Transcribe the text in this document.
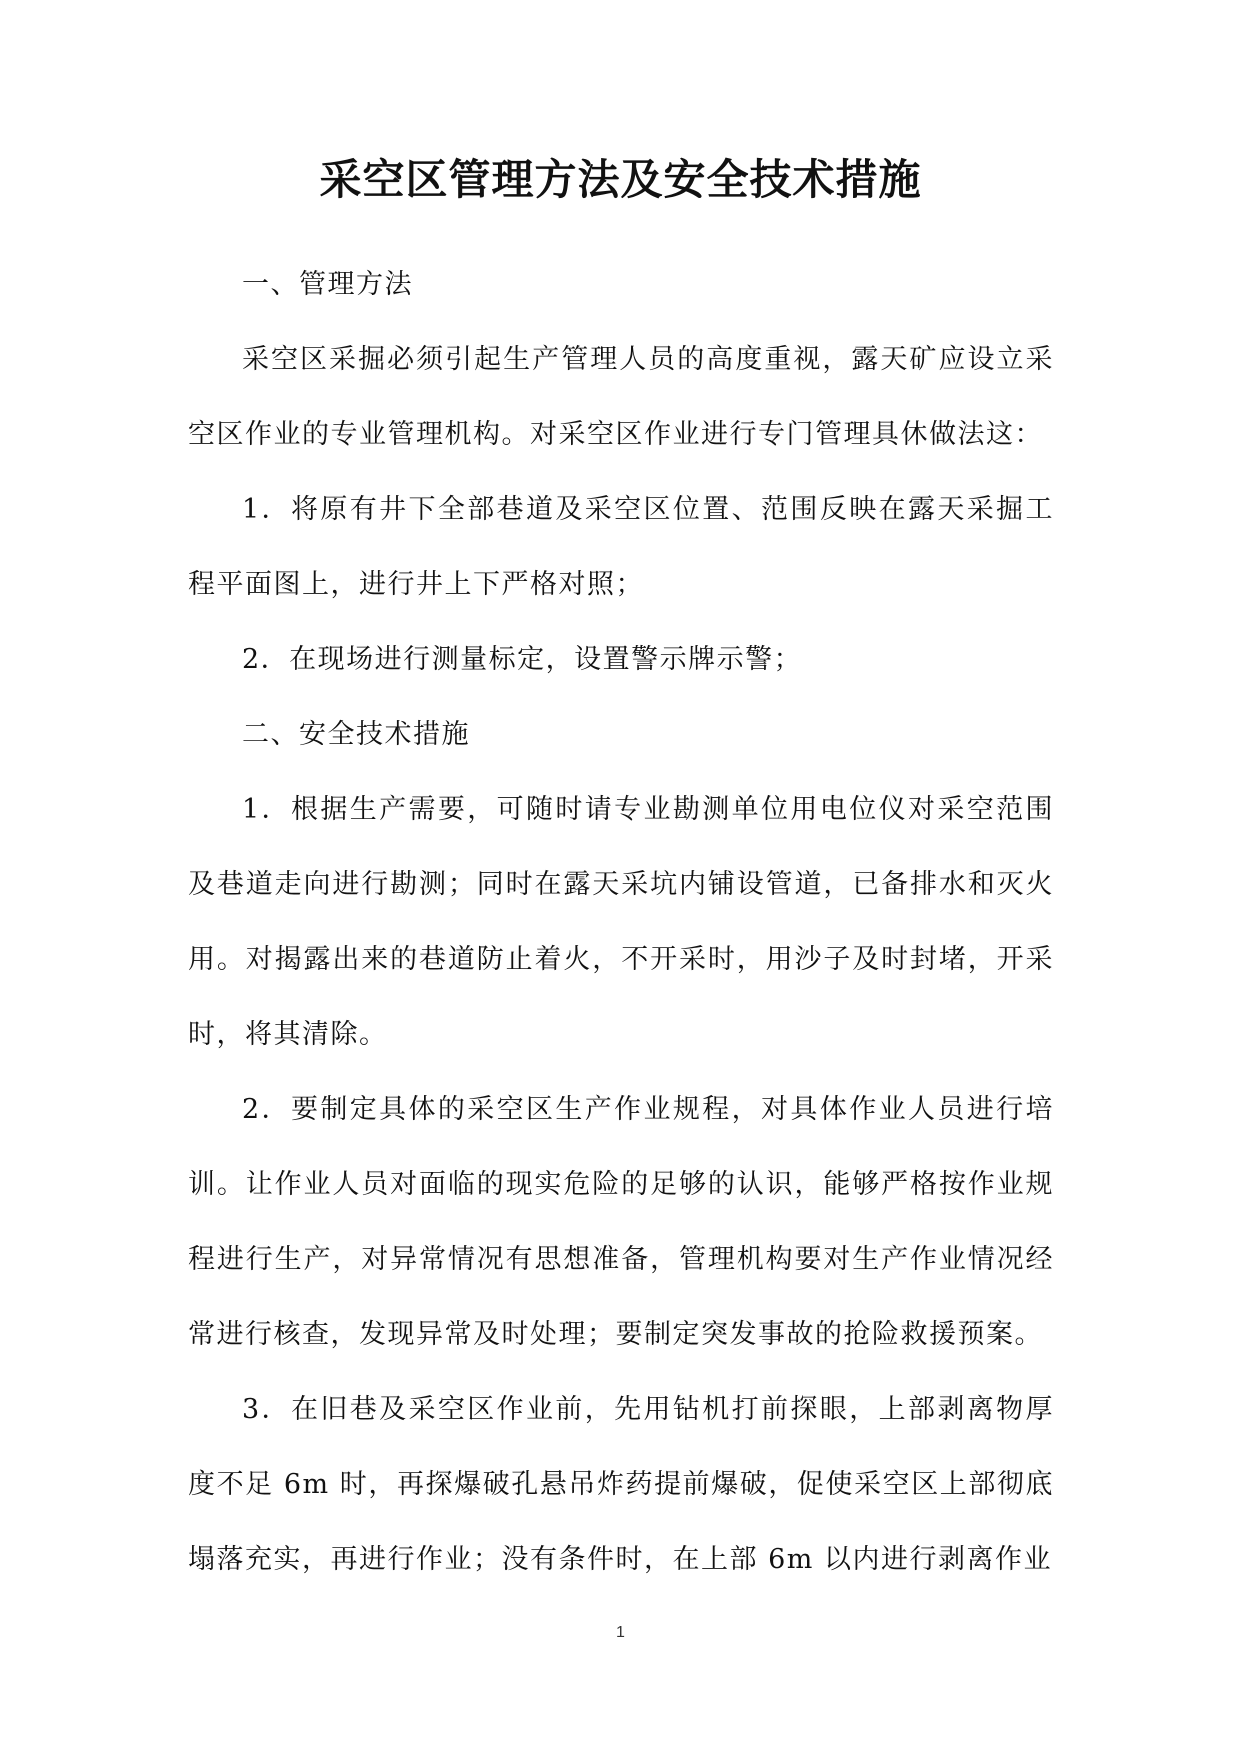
采空区管理方法及安全技术措施

一、管理方法

采空区采掘必须引起生产管理人员的高度重视，露天矿应设立采空区作业的专业管理机构。对采空区作业进行专门管理具休做法这：

1．将原有井下全部巷道及采空区位置、范围反映在露天采掘工程平面图上，进行井上下严格对照；

2．在现场进行测量标定，设置警示牌示警；

二、安全技术措施

1．根据生产需要，可随时请专业勘测单位用电位仪对采空范围及巷道走向进行勘测；同时在露天采坑内铺设管道，已备排水和灭火用。对揭露出来的巷道防止着火，不开采时，用沙子及时封堵，开采时，将其清除。

2．要制定具体的采空区生产作业规程，对具体作业人员进行培训。让作业人员对面临的现实危险的足够的认识，能够严格按作业规程进行生产，对异常情况有思想准备，管理机构要对生产作业情况经常进行核查，发现异常及时处理；要制定突发事故的抢险救援预案。

3．在旧巷及采空区作业前，先用钻机打前探眼，上部剥离物厚度不足 6m 时，再探爆破孔悬吊炸药提前爆破，促使采空区上部彻底塌落充实，再进行作业；没有条件时，在上部 6m 以内进行剥离作业

1
